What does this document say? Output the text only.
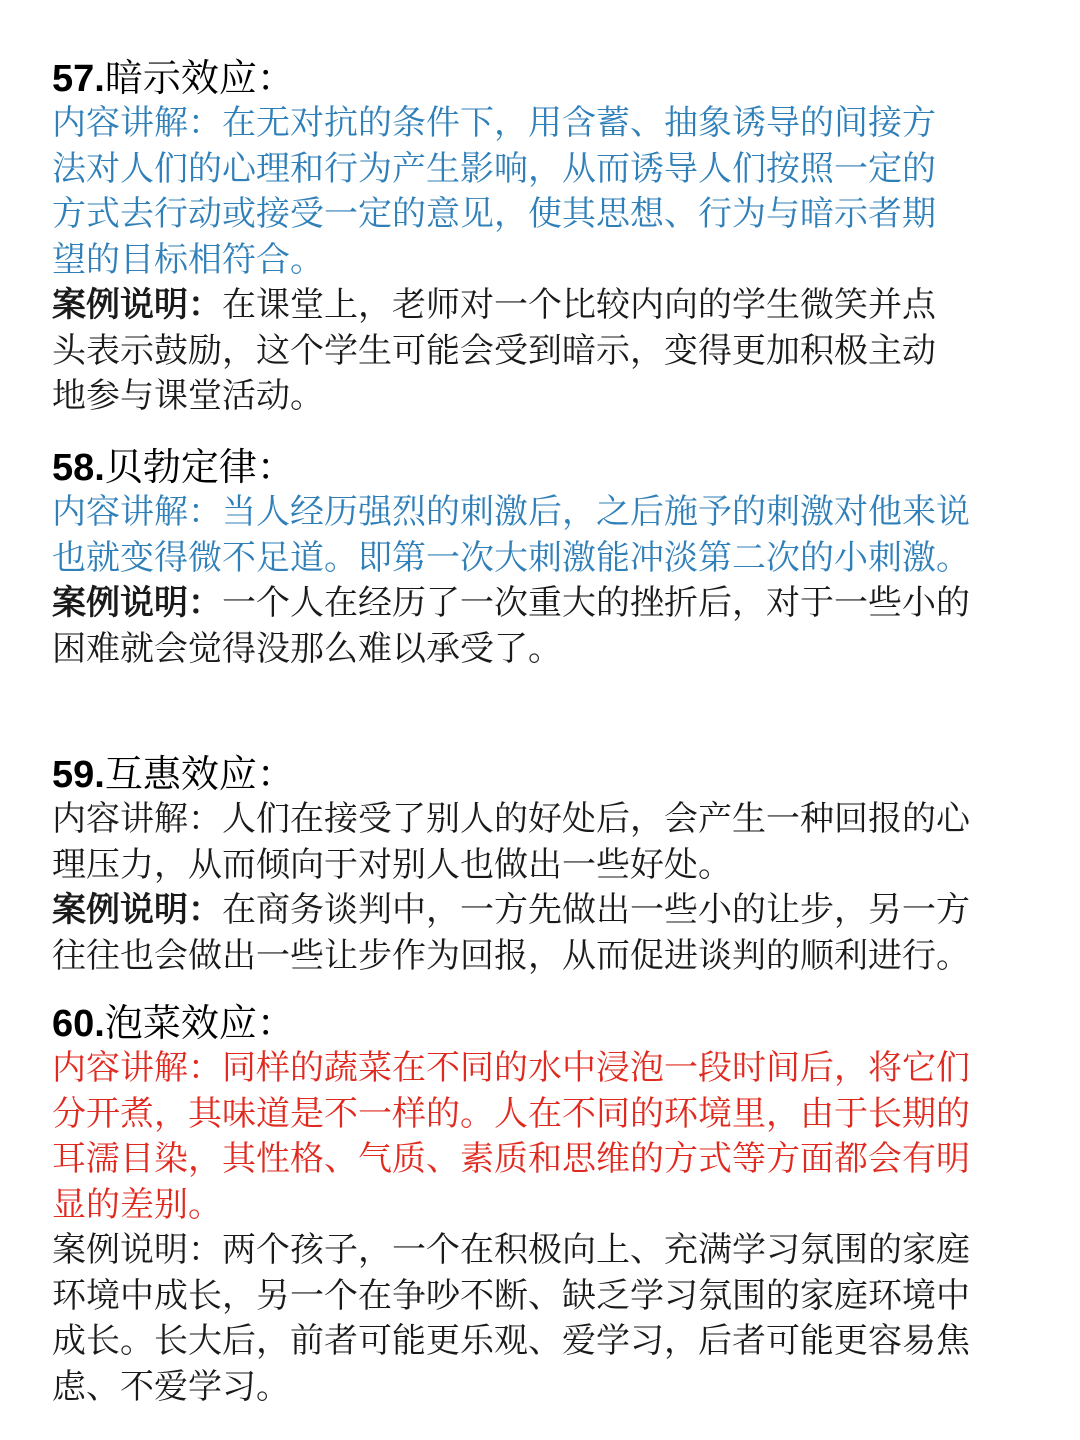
57.暗示效应：
内容讲解：在无对抗的条件下，用含蓄、抽象诱导的间接方
法对人们的心理和行为产生影响，从而诱导人们按照一定的
方式去行动或接受一定的意见，使其思想、行为与暗示者期
望的目标相符合。
案例说明：在课堂上，老师对一个比较内向的学生微笑并点
头表示鼓励，这个学生可能会受到暗示，变得更加积极主动
地参与课堂活动。
58.贝勃定律：
内容讲解：当人经历强烈的刺激后，之后施予的刺激对他来说
也就变得微不足道。即第一次大刺激能冲淡第二次的小刺激。
案例说明：一个人在经历了一次重大的挫折后，对于一些小的
困难就会觉得没那么难以承受了。
59.互惠效应：
内容讲解：人们在接受了别人的好处后，会产生一种回报的心
理压力，从而倾向于对别人也做出一些好处。
案例说明：在商务谈判中，一方先做出一些小的让步，另一方
往往也会做出一些让步作为回报，从而促进谈判的顺利进行。
60.泡菜效应：
内容讲解：同样的蔬菜在不同的水中浸泡一段时间后，将它们
分开煮，其味道是不一样的。人在不同的环境里，由于长期的
耳濡目染，其性格、气质、素质和思维的方式等方面都会有明
显的差别。
案例说明：两个孩子，一个在积极向上、充满学习氛围的家庭
环境中成长，另一个在争吵不断、缺乏学习氛围的家庭环境中
成长。长大后，前者可能更乐观、爱学习，后者可能更容易焦
虑、不爱学习。
